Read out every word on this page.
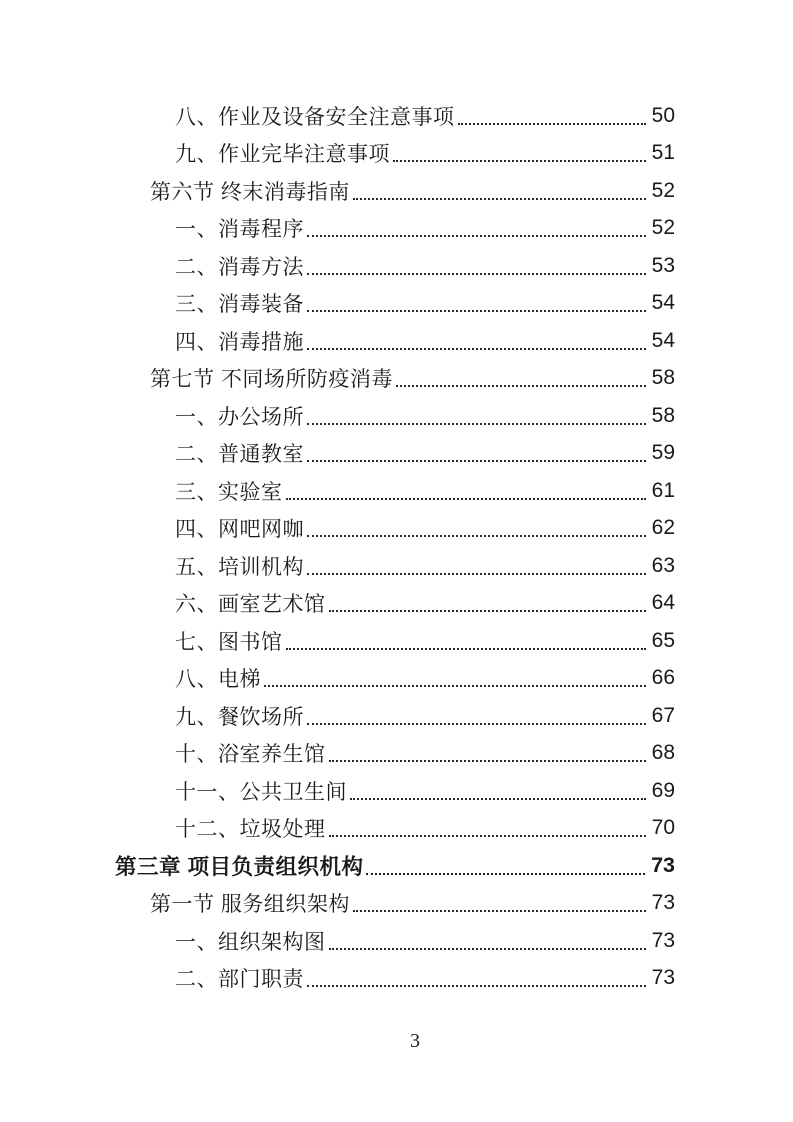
八、作业及设备安全注意事项	50
九、作业完毕注意事项	51
第六节 终末消毒指南	52
一、消毒程序	52
二、消毒方法	53
三、消毒装备	54
四、消毒措施	54
第七节 不同场所防疫消毒	58
一、办公场所	58
二、普通教室	59
三、实验室	61
四、网吧网咖	62
五、培训机构	63
六、画室艺术馆	64
七、图书馆	65
八、电梯	66
九、餐饮场所	67
十、浴室养生馆	68
十一、公共卫生间	69
十二、垃圾处理	70
第三章 项目负责组织机构	73
第一节 服务组织架构	73
一、组织架构图	73
二、部门职责	73
3
